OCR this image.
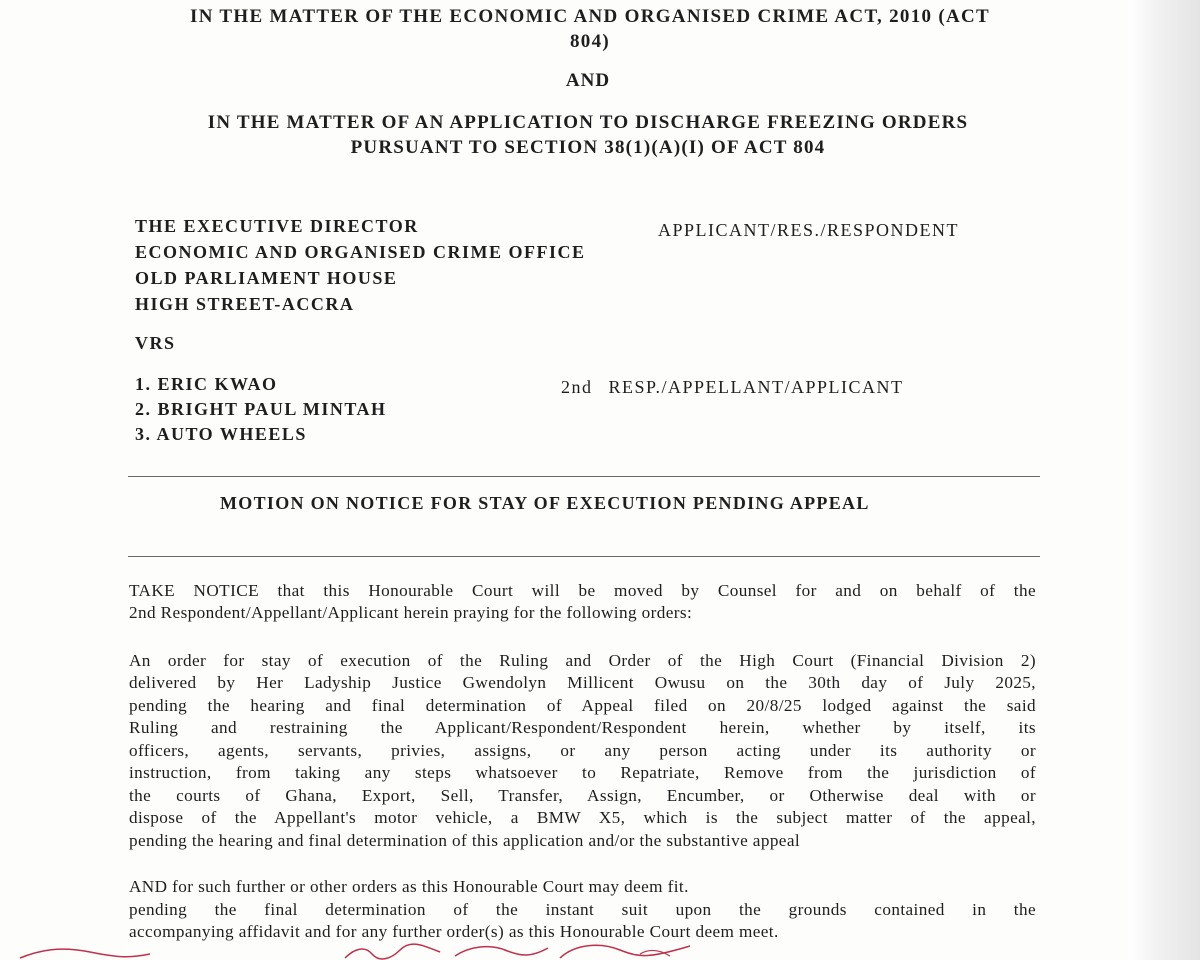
IN THE MATTER OF THE ECONOMIC AND ORGANISED CRIME ACT, 2010 (ACT
804)
AND
IN THE MATTER OF AN APPLICATION TO DISCHARGE FREEZING ORDERS
PURSUANT TO SECTION 38(1)(A)(I) OF ACT 804
THE EXECUTIVE DIRECTOR
ECONOMIC AND ORGANISED CRIME OFFICE
OLD PARLIAMENT HOUSE
HIGH STREET-ACCRA
APPLICANT/RES./RESPONDENT
VRS
1. ERIC KWAO
2. BRIGHT PAUL MINTAH
3. AUTO WHEELS
2nd RESP./APPELLANT/APPLICANT
MOTION ON NOTICE FOR STAY OF EXECUTION PENDING APPEAL
TAKE NOTICE that this Honourable Court will be moved by Counsel for and on behalf of the
2nd Respondent/Appellant/Applicant herein praying for the following orders:
An order for stay of execution of the Ruling and Order of the High Court (Financial Division 2)
delivered by Her Ladyship Justice Gwendolyn Millicent Owusu on the 30th day of July 2025,
pending the hearing and final determination of Appeal filed on 20/8/25 lodged against the said
Ruling and restraining the Applicant/Respondent/Respondent herein, whether by itself, its
officers, agents, servants, privies, assigns, or any person acting under its authority or
instruction, from taking any steps whatsoever to Repatriate, Remove from the jurisdiction of
the courts of Ghana, Export, Sell, Transfer, Assign, Encumber, or Otherwise deal with or
dispose of the Appellant's motor vehicle, a BMW X5, which is the subject matter of the appeal,
pending the hearing and final determination of this application and/or the substantive appeal
AND for such further or other orders as this Honourable Court may deem fit.
pending the final determination of the instant suit upon the grounds contained in the
accompanying affidavit and for any further order(s) as this Honourable Court deem meet.
